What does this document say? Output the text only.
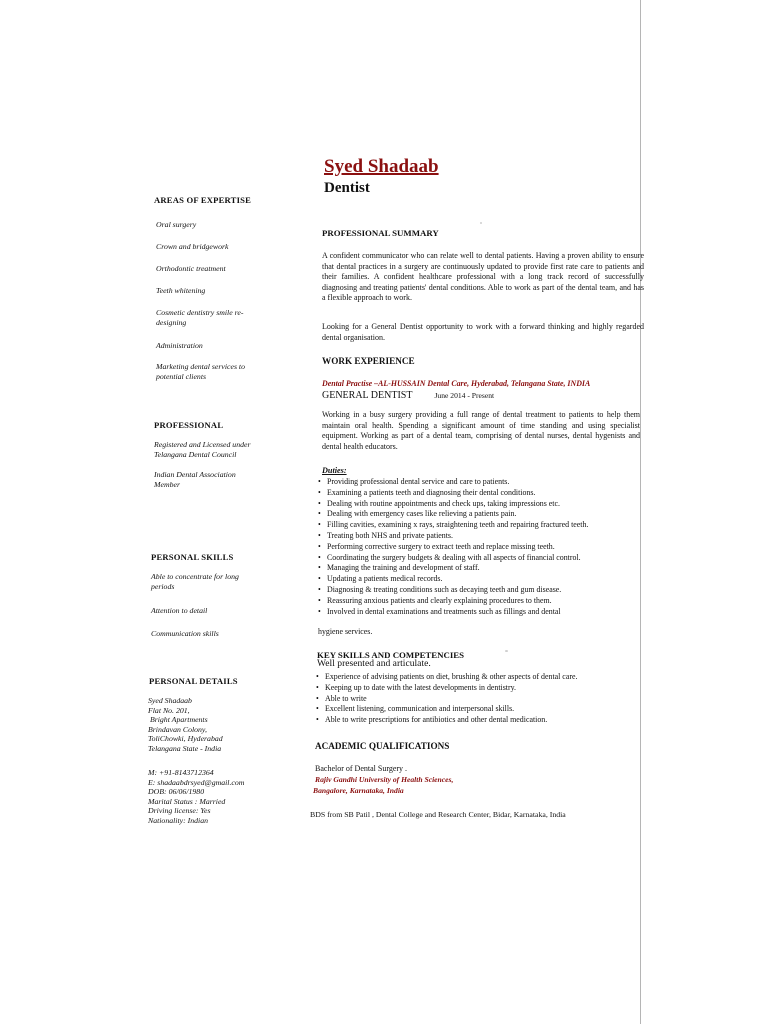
AREAS OF EXPERTISE
Oral surgery
Crown and bridgework
Orthodontic treatment
Teeth whitening
Cosmetic dentistry smile re-designing
Administration
Marketing dental services to potential clients
PROFESSIONAL
Registered and Licensed under Telangana Dental Council
Indian Dental Association Member
PERSONAL SKILLS
Able to concentrate for long periods
Attention to detail
Communication skills
PERSONAL DETAILS
Syed Shadaab
Flat No. 201,
Bright Apartments
Brindavan Colony,
ToliChowki, Hyderabad
Telangana State - India
M: +91-8143712364
E: shadaabdrsyed@gmail.com
DOB: 06/06/1980
Marital Status : Married
Driving license: Yes
Nationality: Indian
Syed Shadaab
Dentist
PROFESSIONAL SUMMARY

A confident communicator who can relate well to dental patients. Having a proven ability to ensure that dental practices in a surgery are continuously updated to provide first rate care to patients and their families. A confident healthcare professional with a long track record of successfully diagnosing and treating patients' dental conditions. Able to work as part of the dental team, and has a flexible approach to work.

Looking for a General Dentist opportunity to work with a forward thinking and highly regarded dental organisation.

WORK EXPERIENCE
Dental Practise –AL-HUSSAIN Dental Care, Hyderabad, Telangana State, INDIA
GENERAL DENTIST	June 2014 - Present

Working in a busy surgery providing a full range of dental treatment to patients to help them maintain oral health. Spending a significant amount of time standing and using specialist equipment. Working as part of a dental team, comprising of dental nurses, dental hygenists and dental health educators.

Duties:
• Providing professional dental service and care to patients.
• Examining a patients teeth and diagnosing their dental conditions.
• Dealing with routine appointments and check ups, taking impressions etc.
• Dealing with emergency cases like relieving a patients pain.
• Filling cavities, examining x rays, straightening teeth and repairing fractured teeth.
• Treating both NHS and private patients.
• Performing corrective surgery to extract teeth and replace missing teeth.
• Coordinating the surgery budgets & dealing with all aspects of financial control.
• Managing the training and development of staff.
• Updating a patients medical records.
• Diagnosing & treating conditions such as decaying teeth and gum disease.
• Reassuring anxious patients and clearly explaining procedures to them.
• Involved in dental examinations and treatments such as fillings and dental
hygiene services.
KEY SKILLS AND COMPETENCIES
Well presented and articulate.
• Experience of advising patients on diet, brushing & other aspects of dental care.
• Keeping up to date with the latest developments in dentistry.
• Able to write
• Excellent listening, communication and interpersonal skills.
• Able to write prescriptions for antibiotics and other dental medication.
ACADEMIC QUALIFICATIONS

Bachelor of Dental Surgery .

Rajiv Gandhi University of Health Sciences,

Bangalore, Karnataka, India

BDS from SB Patil , Dental College and Research Center, Bidar, Karnataka, India
